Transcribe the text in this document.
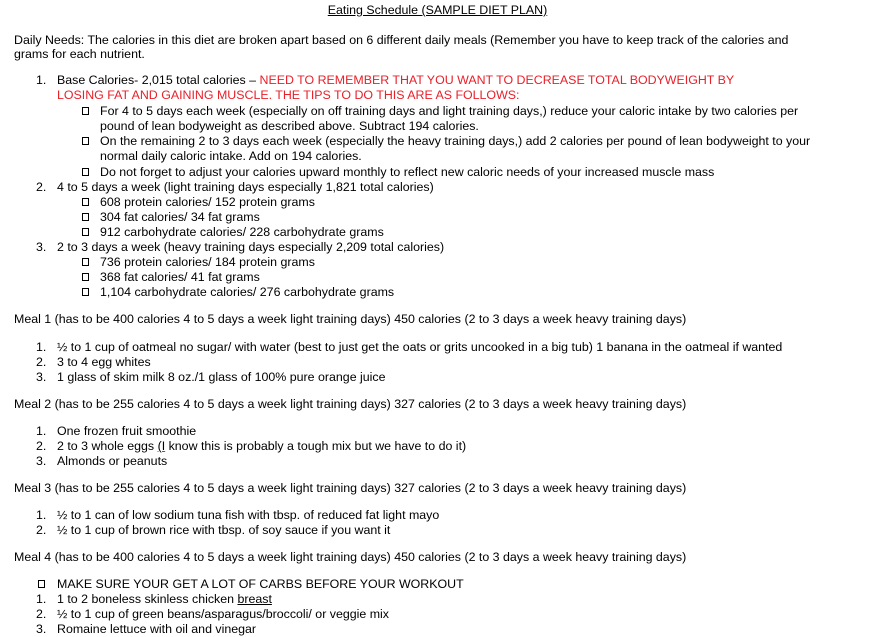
Eating Schedule (SAMPLE DIET PLAN)
Daily Needs: The calories in this diet are broken apart based on 6 different daily meals (Remember you have to keep track of the calories and
grams for each nutrient.
1. Base Calories- 2,015 total calories – NEED TO REMEMBER THAT YOU WANT TO DECREASE TOTAL BODYWEIGHT BY
LOSING FAT AND GAINING MUSCLE. THE TIPS TO DO THIS ARE AS FOLLOWS:
For 4 to 5 days each week (especially on off training days and light training days,) reduce your caloric intake by two calories per
pound of lean bodyweight as described above. Subtract 194 calories.
On the remaining 2 to 3 days each week (especially the heavy training days,) add 2 calories per pound of lean bodyweight to your
normal daily caloric intake. Add on 194 calories.
Do not forget to adjust your calories upward monthly to reflect new caloric needs of your increased muscle mass
2. 4 to 5 days a week (light training days especially 1,821 total calories)
608 protein calories/ 152 protein grams
304 fat calories/ 34 fat grams
912 carbohydrate calories/ 228 carbohydrate grams
3. 2 to 3 days a week (heavy training days especially 2,209 total calories)
736 protein calories/ 184 protein grams
368 fat calories/ 41 fat grams
1,104 carbohydrate calories/ 276 carbohydrate grams
Meal 1 (has to be 400 calories 4 to 5 days a week light training days) 450 calories (2 to 3 days a week heavy training days)
1. ½ to 1 cup of oatmeal no sugar/ with water (best to just get the oats or grits uncooked in a big tub) 1 banana in the oatmeal if wanted
2. 3 to 4 egg whites
3. 1 glass of skim milk 8 oz./1 glass of 100% pure orange juice
Meal 2 (has to be 255 calories 4 to 5 days a week light training days) 327 calories (2 to 3 days a week heavy training days)
1. One frozen fruit smoothie
2. 2 to 3 whole eggs (I know this is probably a tough mix but we have to do it)
3. Almonds or peanuts
Meal 3 (has to be 255 calories 4 to 5 days a week light training days) 327 calories (2 to 3 days a week heavy training days)
1. ½ to 1 can of low sodium tuna fish with tbsp. of reduced fat light mayo
2. ½ to 1 cup of brown rice with tbsp. of soy sauce if you want it
Meal 4 (has to be 400 calories 4 to 5 days a week light training days) 450 calories (2 to 3 days a week heavy training days)
MAKE SURE YOUR GET A LOT OF CARBS BEFORE YOUR WORKOUT
1. 1 to 2 boneless skinless chicken breast
2. ½ to 1 cup of green beans/asparagus/broccoli/ or veggie mix
3. Romaine lettuce with oil and vinegar
